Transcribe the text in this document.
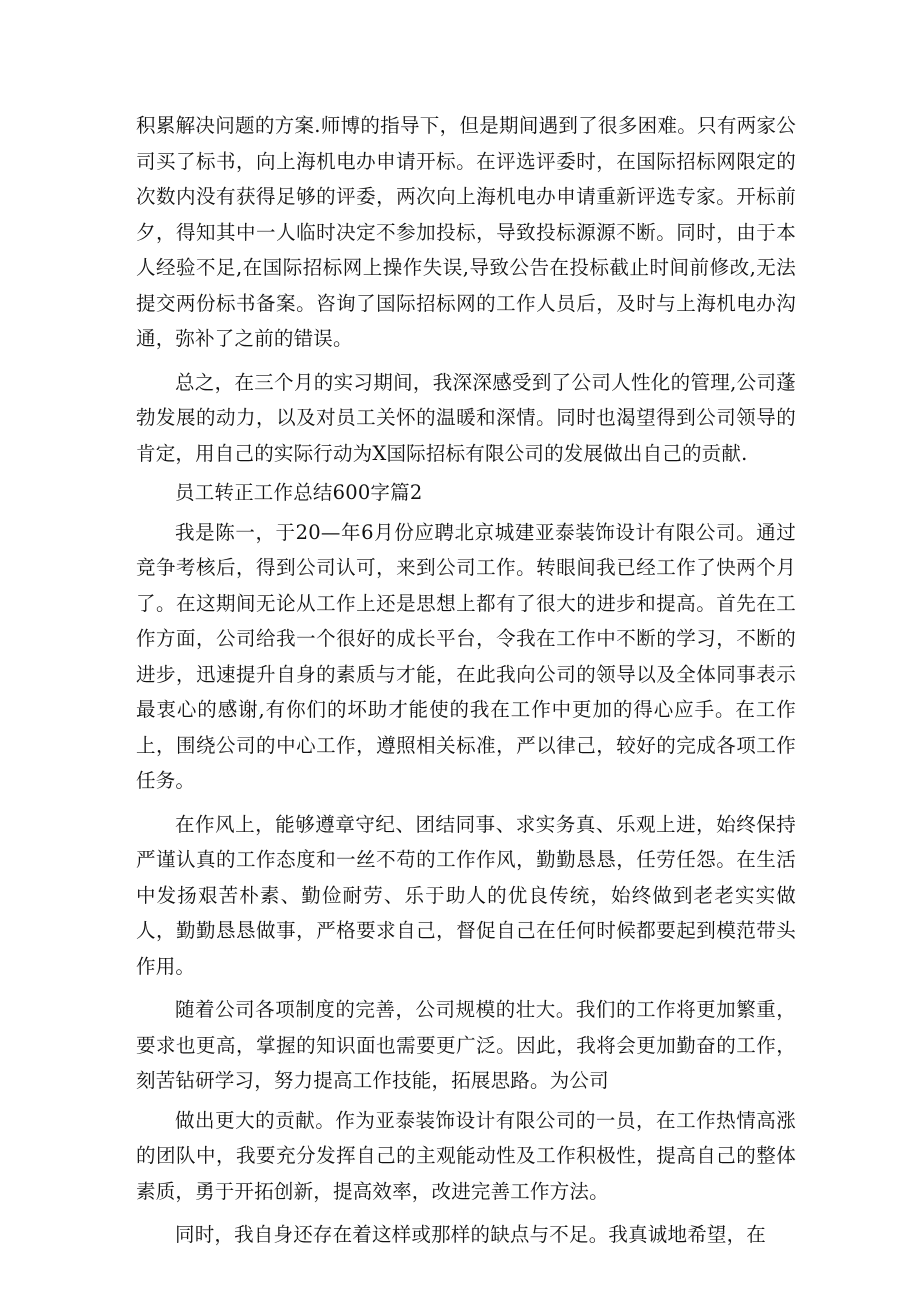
积累解决问题的方案.师博的指导下，但是期间遇到了很多困难。只有两家公司买了标书，向上海机电办申请开标。在评选评委时，在国际招标网限定的次数内没有获得足够的评委，两次向上海机电办申请重新评选专家。开标前夕，得知其中一人临时决定不参加投标，导致投标源源不断。同时，由于本人经验不足,在国际招标网上操作失误,导致公告在投标截止时间前修改,无法提交两份标书备案。咨询了国际招标网的工作人员后，及时与上海机电办沟通，弥补了之前的错误。

总之，在三个月的实习期间，我深深感受到了公司人性化的管理,公司蓬勃发展的动力，以及对员工关怀的温暖和深情。同时也渴望得到公司领导的肯定，用自己的实际行动为X国际招标有限公司的发展做出自己的贡献.

员工转正工作总结600字篇2

我是陈一，于20—年6月份应聘北京城建亚泰装饰设计有限公司。通过竞争考核后，得到公司认可，来到公司工作。转眼间我已经工作了快两个月了。在这期间无论从工作上还是思想上都有了很大的进步和提高。首先在工作方面，公司给我一个很好的成长平台，令我在工作中不断的学习，不断的进步，迅速提升自身的素质与才能，在此我向公司的领导以及全体同事表示最衷心的感谢,有你们的坏助才能使的我在工作中更加的得心应手。在工作上，围绕公司的中心工作，遵照相关标准，严以律己，较好的完成各项工作任务。

在作风上，能够遵章守纪、团结同事、求实务真、乐观上进，始终保持严谨认真的工作态度和一丝不苟的工作作风，勤勤恳恳，任劳任怨。在生活中发扬艰苦朴素、勤俭耐劳、乐于助人的优良传统，始终做到老老实实做人，勤勤恳恳做事，严格要求自己，督促自己在任何时候都要起到模范带头作用。

随着公司各项制度的完善，公司规模的壮大。我们的工作将更加繁重，要求也更高，掌握的知识面也需要更广泛。因此，我将会更加勤奋的工作，刻苦钻研学习，努力提高工作技能，拓展思路。为公司

做出更大的贡献。作为亚泰装饰设计有限公司的一员，在工作热情高涨的团队中，我要充分发挥自己的主观能动性及工作积极性，提高自己的整体素质，勇于开拓创新，提高效率，改进完善工作方法。

同时，我自身还存在着这样或那样的缺点与不足。我真诚地希望，在
